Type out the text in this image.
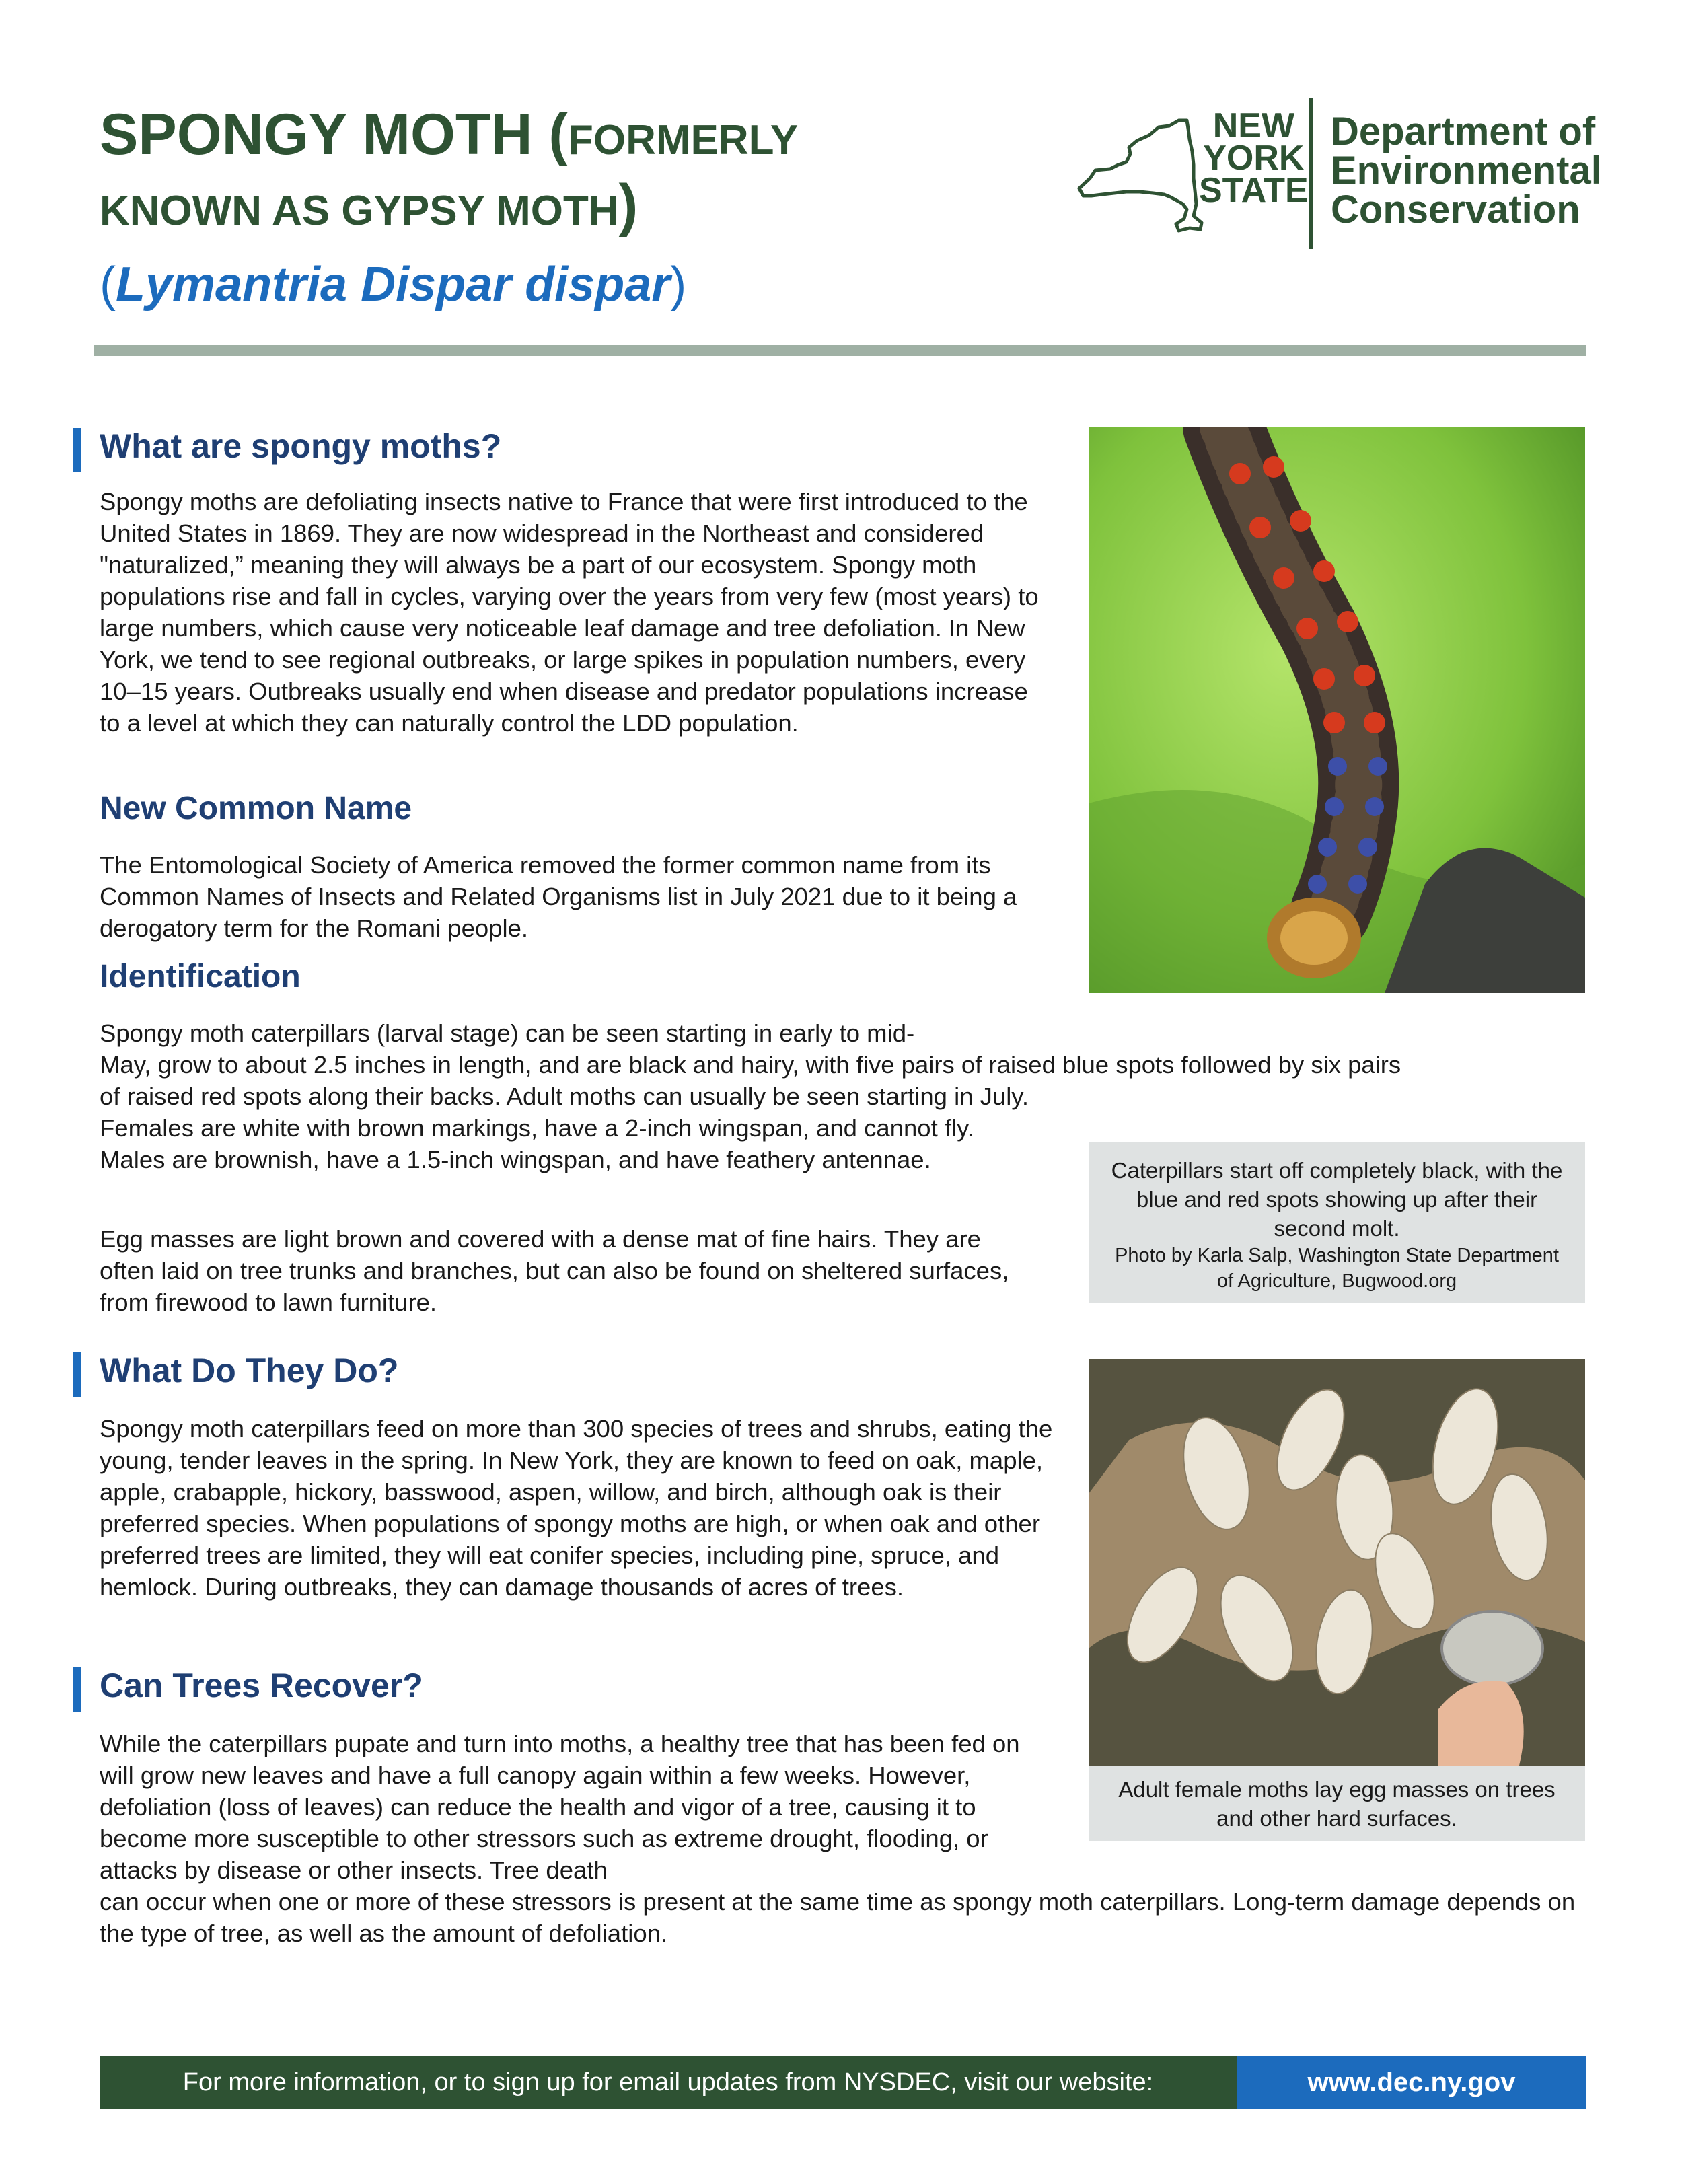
SPONGY MOTH (FORMERLY
KNOWN AS GYPSY MOTH)
(Lymantria Dispar dispar)
NEW
YORK
STATE
Department of
Environmental
Conservation
What are spongy moths?

Spongy moths are defoliating insects native to France that were first introduced to the United States in 1869. They are now widespread in the Northeast and considered "naturalized,” meaning they will always be a part of our ecosystem. Spongy moth populations rise and fall in cycles, varying over the years from very few (most years) to large numbers, which cause very noticeable leaf damage and tree defoliation. In New York, we tend to see regional outbreaks, or large spikes in population numbers, every 10–15 years. Outbreaks usually end when disease and predator populations increase to a level at which they can naturally control the LDD population.

New Common Name

The Entomological Society of America removed the former common name from its Common Names of Insects and Related Organisms list in July 2021 due to it being a derogatory term for the Romani people.

Identification

Spongy moth caterpillars (larval stage) can be seen starting in early to mid-

May, grow to about 2.5 inches in length, and are black and hairy, with five pairs of raised blue spots followed by six pairs

of raised red spots along their backs. Adult moths can usually be seen starting in July. Females are white with brown markings, have a 2-inch wingspan, and cannot fly. Males are brownish, have a 1.5-inch wingspan, and have feathery antennae.

Egg masses are light brown and covered with a dense mat of fine hairs. They are often laid on tree trunks and branches, but can also be found on sheltered surfaces, from firewood to lawn furniture.

What Do They Do?

Spongy moth caterpillars feed on more than 300 species of trees and shrubs, eating the young, tender leaves in the spring. In New York, they are known to feed on oak, maple, apple, crabapple, hickory, basswood, aspen, willow, and birch, although oak is their preferred species. When populations of spongy moths are high, or when oak and other preferred trees are limited, they will eat conifer species, including pine, spruce, and hemlock. During outbreaks, they can damage thousands of acres of trees.

Can Trees Recover?

While the caterpillars pupate and turn into moths, a healthy tree that has been fed on will grow new leaves and have a full canopy again within a few weeks. However, defoliation (loss of leaves) can reduce the health and vigor of a tree, causing it to become more susceptible to other stressors such as extreme drought, flooding, or attacks by disease or other insects. Tree death

can occur when one or more of these stressors is present at the same time as spongy moth caterpillars. Long-term damage depends on the type of tree, as well as the amount of defoliation.

Caterpillars start off completely black, with the blue and red spots showing up after their second molt.
Photo by Karla Salp, Washington State Department of Agriculture, Bugwood.org
Adult female moths lay egg masses on trees and other hard surfaces.
For more information, or to sign up for email updates from NYSDEC, visit our website:	www.dec.ny.gov
